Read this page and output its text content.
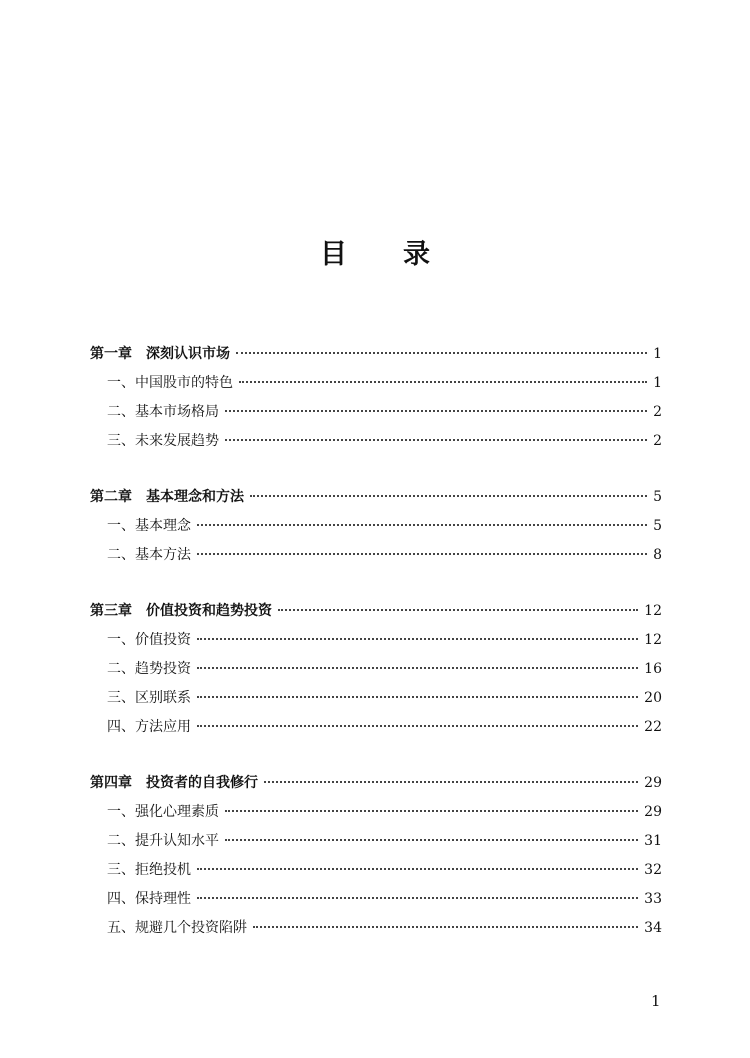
目 录
第一章 深刻认识市场	1
一、 中国股市的特色	1
二、 基本市场格局	2
三、 未来发展趋势	2
第二章 基本理念和方法	5
一、 基本理念	5
二、 基本方法	8
第三章 价值投资和趋势投资	12
一、 价值投资	12
二、 趋势投资	16
三、 区别联系	20
四、 方法应用	22
第四章 投资者的自我修行	29
一、 强化心理素质	29
二、 提升认知水平	31
三、 拒绝投机	32
四、 保持理性	33
五、 规避几个投资陷阱	34
1
